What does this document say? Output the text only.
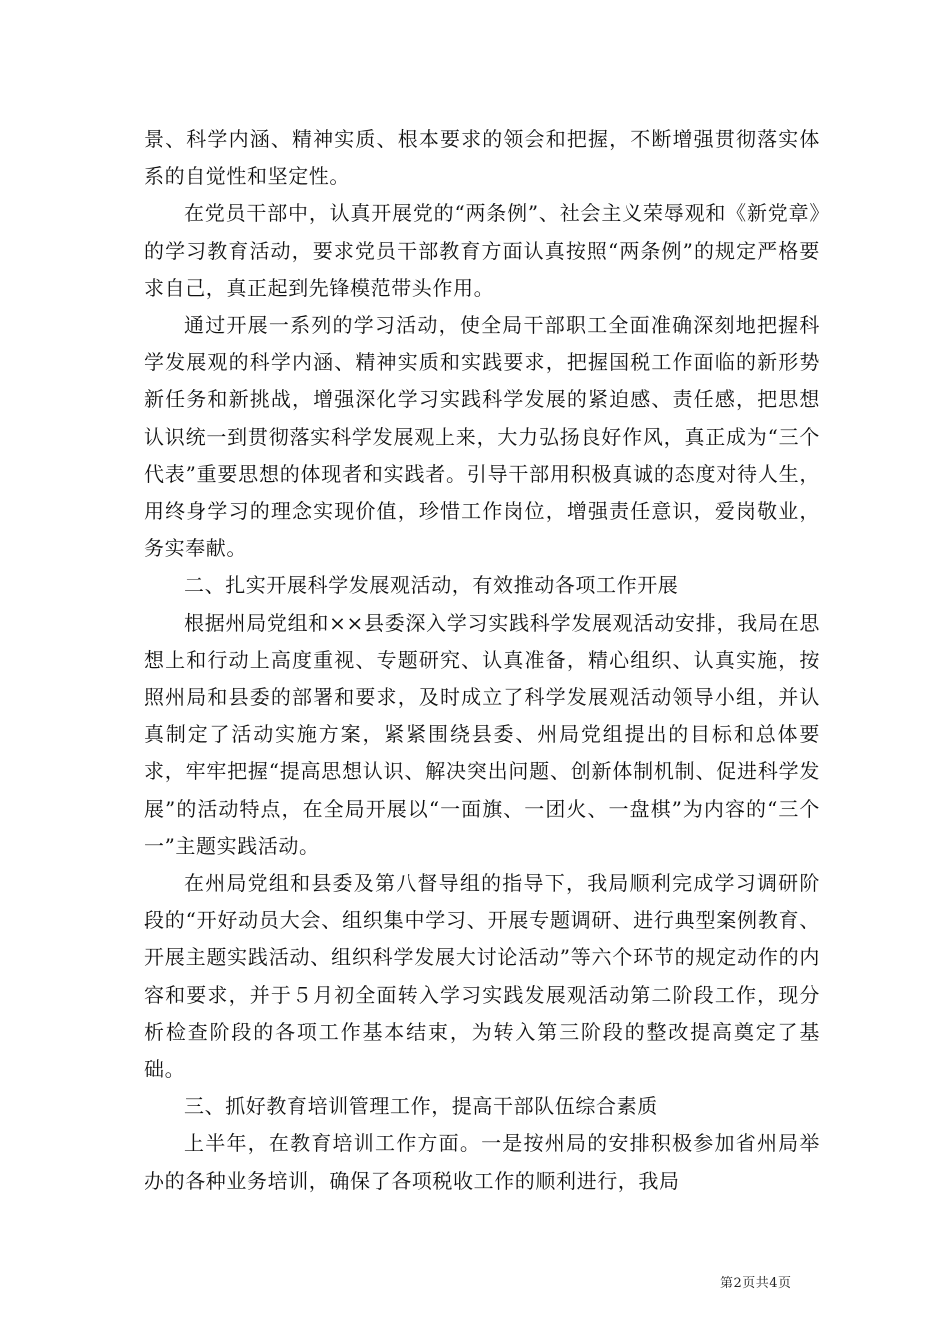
景、科学内涵、精神实质、根本要求的领会和把握，不断增强贯彻落实体系的自觉性和坚定性。

在党员干部中，认真开展党的“两条例”、社会主义荣辱观和《新党章》的学习教育活动，要求党员干部教育方面认真按照“两条例”的规定严格要求自己，真正起到先锋模范带头作用。

通过开展一系列的学习活动，使全局干部职工全面准确深刻地把握科学发展观的科学内涵、精神实质和实践要求，把握国税工作面临的新形势新任务和新挑战，增强深化学习实践科学发展的紧迫感、责任感，把思想认识统一到贯彻落实科学发展观上来，大力弘扬良好作风，真正成为“三个代表”重要思想的体现者和实践者。引导干部用积极真诚的态度对待人生，用终身学习的理念实现价值，珍惜工作岗位，增强责任意识，爱岗敬业，务实奉献。

二、扎实开展科学发展观活动，有效推动各项工作开展

根据州局党组和××县委深入学习实践科学发展观活动安排，我局在思想上和行动上高度重视、专题研究、认真准备，精心组织、认真实施，按照州局和县委的部署和要求，及时成立了科学发展观活动领导小组，并认真制定了活动实施方案，紧紧围绕县委、州局党组提出的目标和总体要求，牢牢把握“提高思想认识、解决突出问题、创新体制机制、促进科学发展”的活动特点，在全局开展以“一面旗、一团火、一盘棋”为内容的“三个一”主题实践活动。

在州局党组和县委及第八督导组的指导下，我局顺利完成学习调研阶段的“开好动员大会、组织集中学习、开展专题调研、进行典型案例教育、开展主题实践活动、组织科学发展大讨论活动”等六个环节的规定动作的内容和要求，并于５月初全面转入学习实践发展观活动第二阶段工作，现分析检查阶段的各项工作基本结束，为转入第三阶段的整改提高奠定了基础。

三、抓好教育培训管理工作，提高干部队伍综合素质

上半年，在教育培训工作方面。一是按州局的安排积极参加省州局举办的各种业务培训，确保了各项税收工作的顺利进行，我局

第2页共4页
